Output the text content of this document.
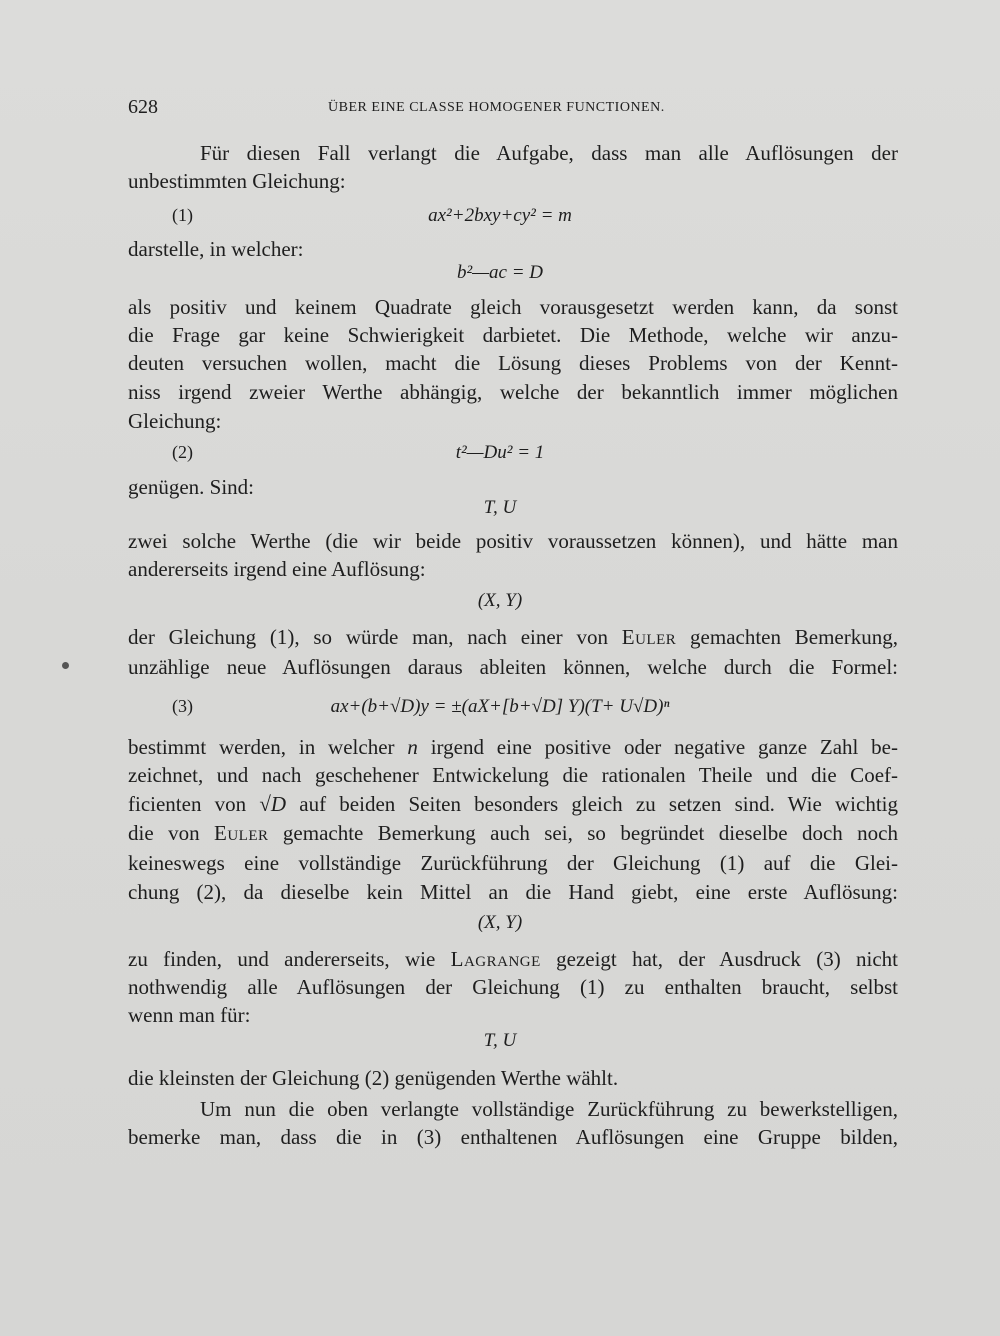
628	ÜBER EINE CLASSE HOMOGENER FUNCTIONEN.
Für diesen Fall verlangt die Aufgabe, dass man alle Auflösungen der
unbestimmten Gleichung:
(1)	ax²+2bxy+cy² = m
darstelle, in welcher:
b²—ac = D
als positiv und keinem Quadrate gleich vorausgesetzt werden kann, da sonst
die Frage gar keine Schwierigkeit darbietet. Die Methode, welche wir anzu-
deuten versuchen wollen, macht die Lösung dieses Problems von der Kennt-
niss irgend zweier Werthe abhängig, welche der bekanntlich immer möglichen
Gleichung:
(2)	t²—Du² = 1
genügen. Sind:
T, U
zwei solche Werthe (die wir beide positiv voraussetzen können), und hätte man
andererseits irgend eine Auflösung:
(X, Y)
der Gleichung (1), so würde man, nach einer von Euler gemachten Bemerkung,
unzählige neue Auflösungen daraus ableiten können, welche durch die Formel:
(3)	ax+(b+√D)y = ±(aX+[b+√D] Y)(T+ U√D)ⁿ
bestimmt werden, in welcher n irgend eine positive oder negative ganze Zahl be-
zeichnet, und nach geschehener Entwickelung die rationalen Theile und die Coef-
ficienten von √D auf beiden Seiten besonders gleich zu setzen sind. Wie wichtig
die von Euler gemachte Bemerkung auch sei, so begründet dieselbe doch noch
keineswegs eine vollständige Zurückführung der Gleichung (1) auf die Glei-
chung (2), da dieselbe kein Mittel an die Hand giebt, eine erste Auflösung:
(X, Y)
zu finden, und andererseits, wie Lagrange gezeigt hat, der Ausdruck (3) nicht
nothwendig alle Auflösungen der Gleichung (1) zu enthalten braucht, selbst
wenn man für:
T, U
die kleinsten der Gleichung (2) genügenden Werthe wählt.
Um nun die oben verlangte vollständige Zurückführung zu bewerkstelligen,
bemerke man, dass die in (3) enthaltenen Auflösungen eine Gruppe bilden,
